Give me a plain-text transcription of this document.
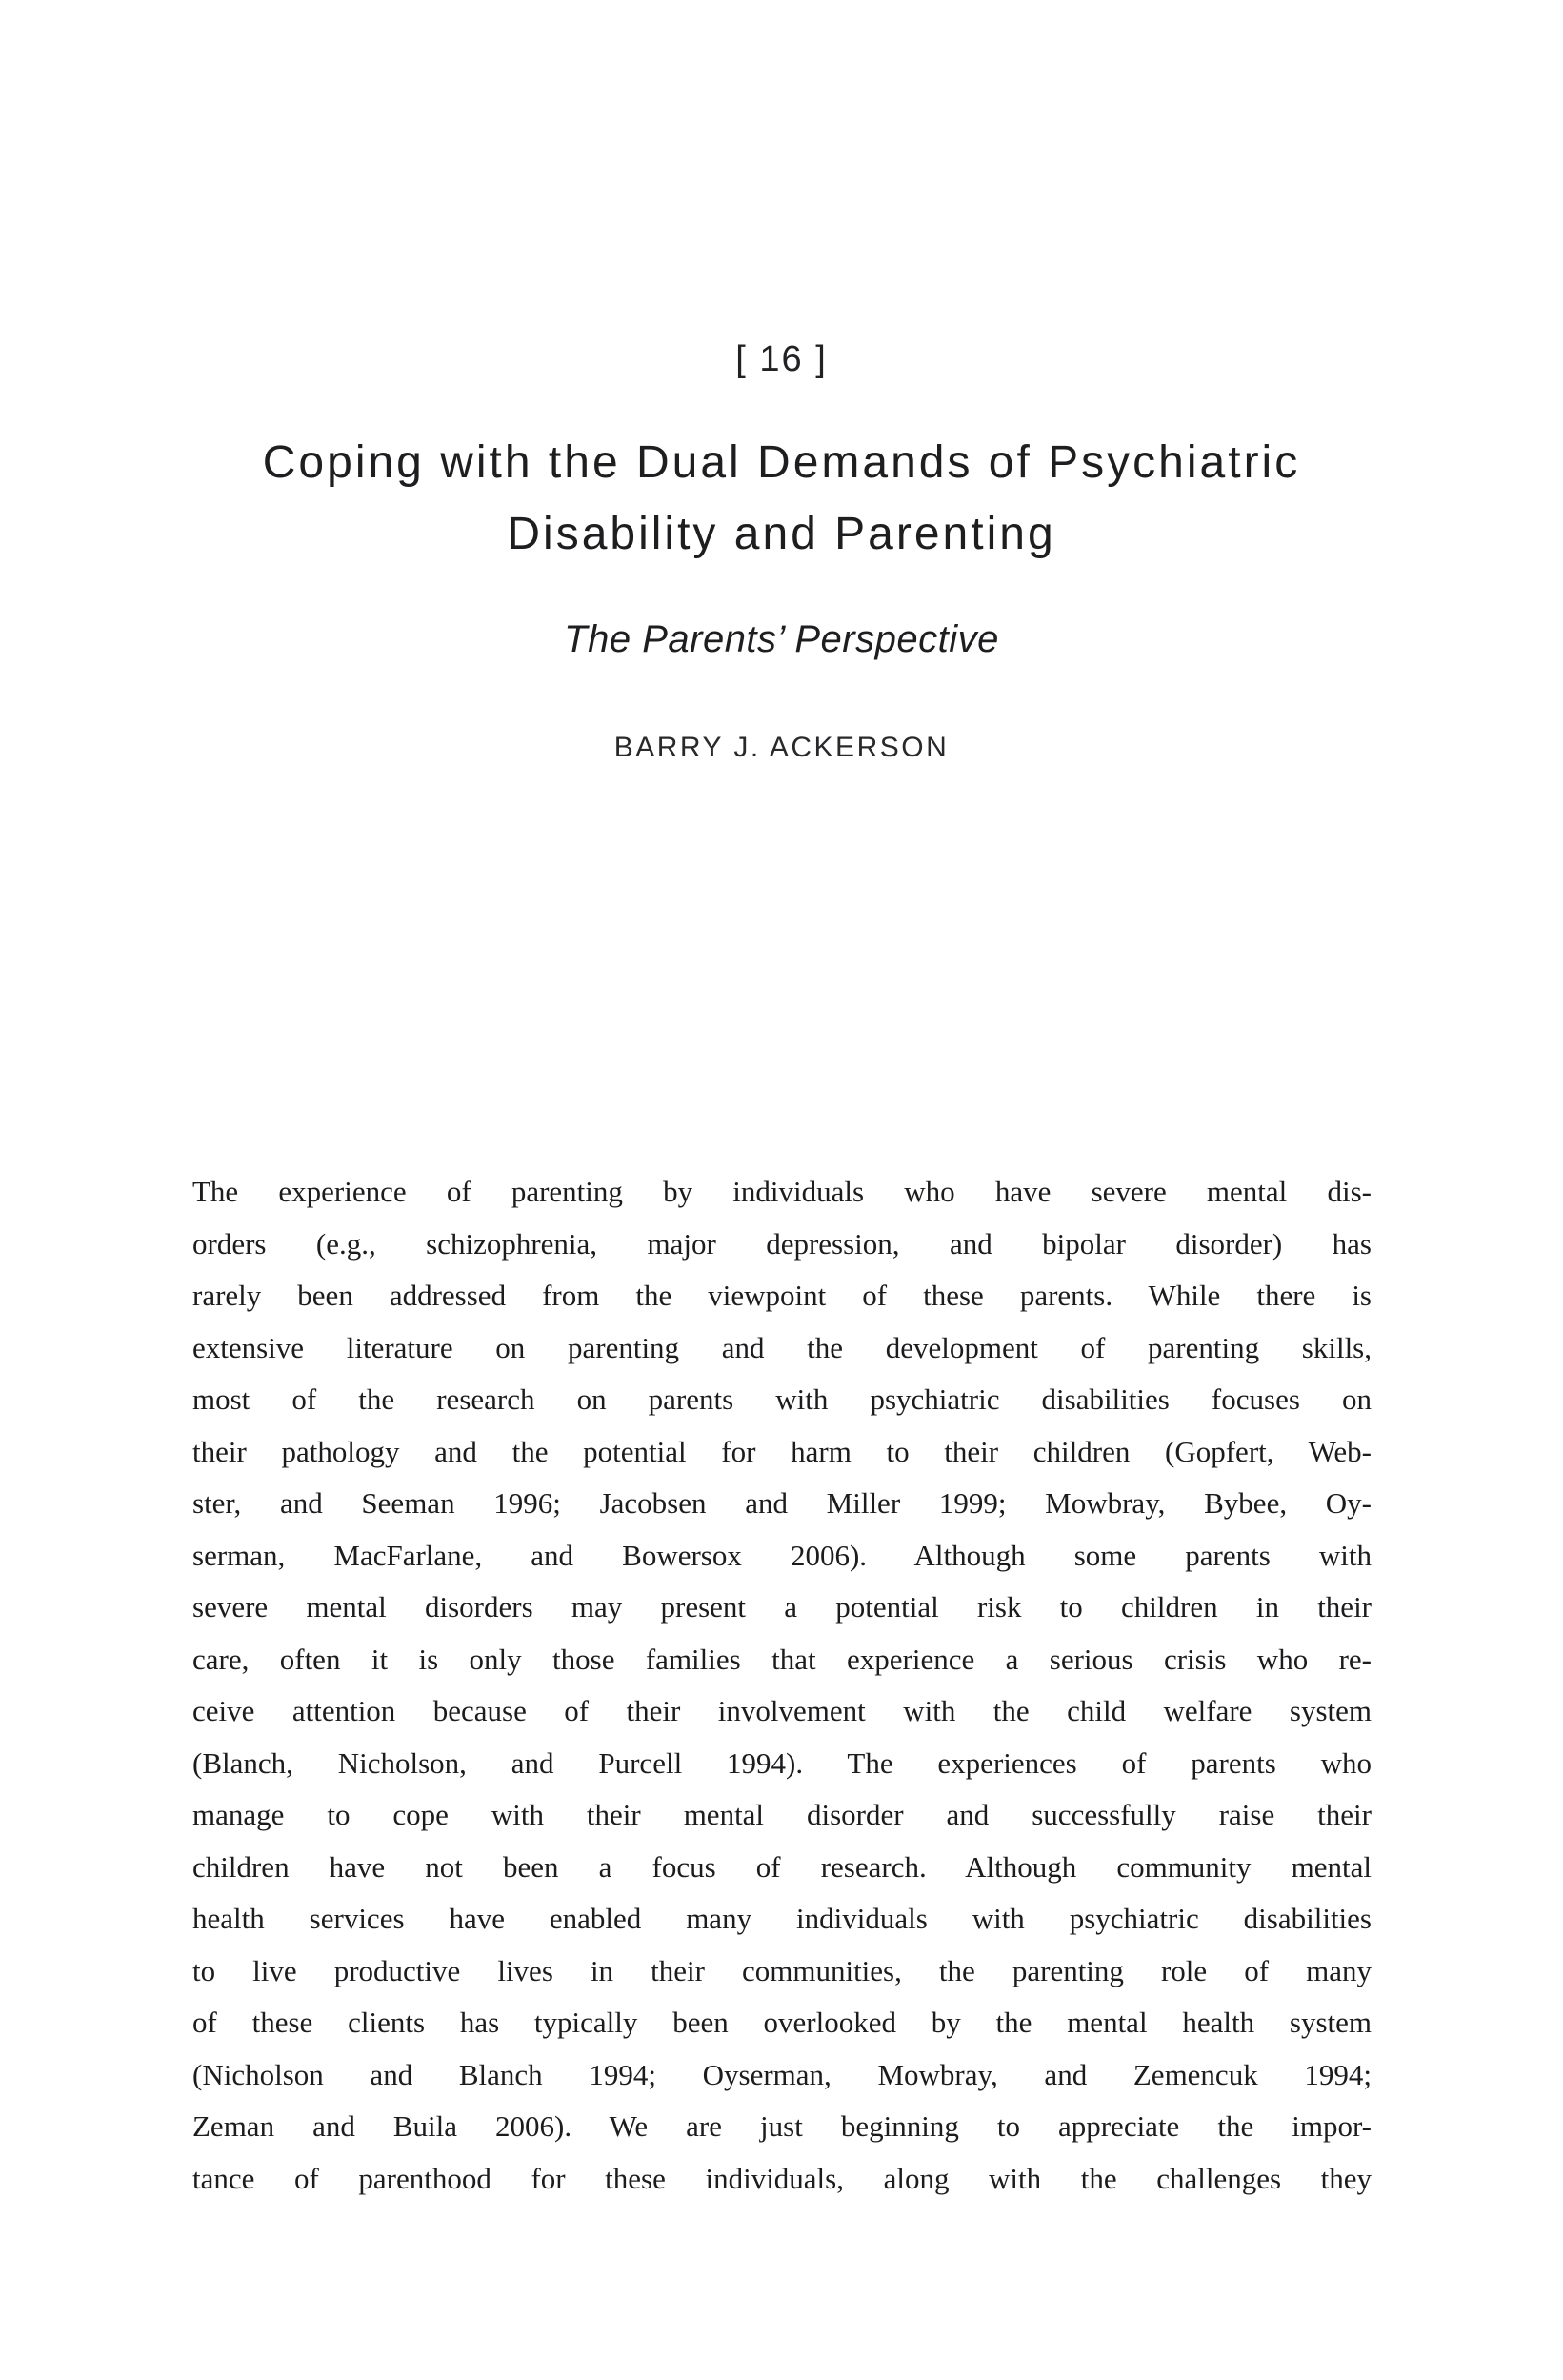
[ 16 ]
Coping with the Dual Demands of Psychiatric
Disability and Parenting
The Parents’ Perspective
BARRY J. ACKERSON
The experience of parenting by individuals who have severe mental dis-
orders (e.g., schizophrenia, major depression, and bipolar disorder) has
rarely been addressed from the viewpoint of these parents. While there is
extensive literature on parenting and the development of parenting skills,
most of the research on parents with psychiatric disabilities focuses on
their pathology and the potential for harm to their children (Gopfert, Web-
ster, and Seeman 1996; Jacobsen and Miller 1999; Mowbray, Bybee, Oy-
serman, MacFarlane, and Bowersox 2006). Although some parents with
severe mental disorders may present a potential risk to children in their
care, often it is only those families that experience a serious crisis who re-
ceive attention because of their involvement with the child welfare system
(Blanch, Nicholson, and Purcell 1994). The experiences of parents who
manage to cope with their mental disorder and successfully raise their
children have not been a focus of research. Although community mental
health services have enabled many individuals with psychiatric disabilities
to live productive lives in their communities, the parenting role of many
of these clients has typically been overlooked by the mental health system
(Nicholson and Blanch 1994; Oyserman, Mowbray, and Zemencuk 1994;
Zeman and Buila 2006). We are just beginning to appreciate the impor-
tance of parenthood for these individuals, along with the challenges they
